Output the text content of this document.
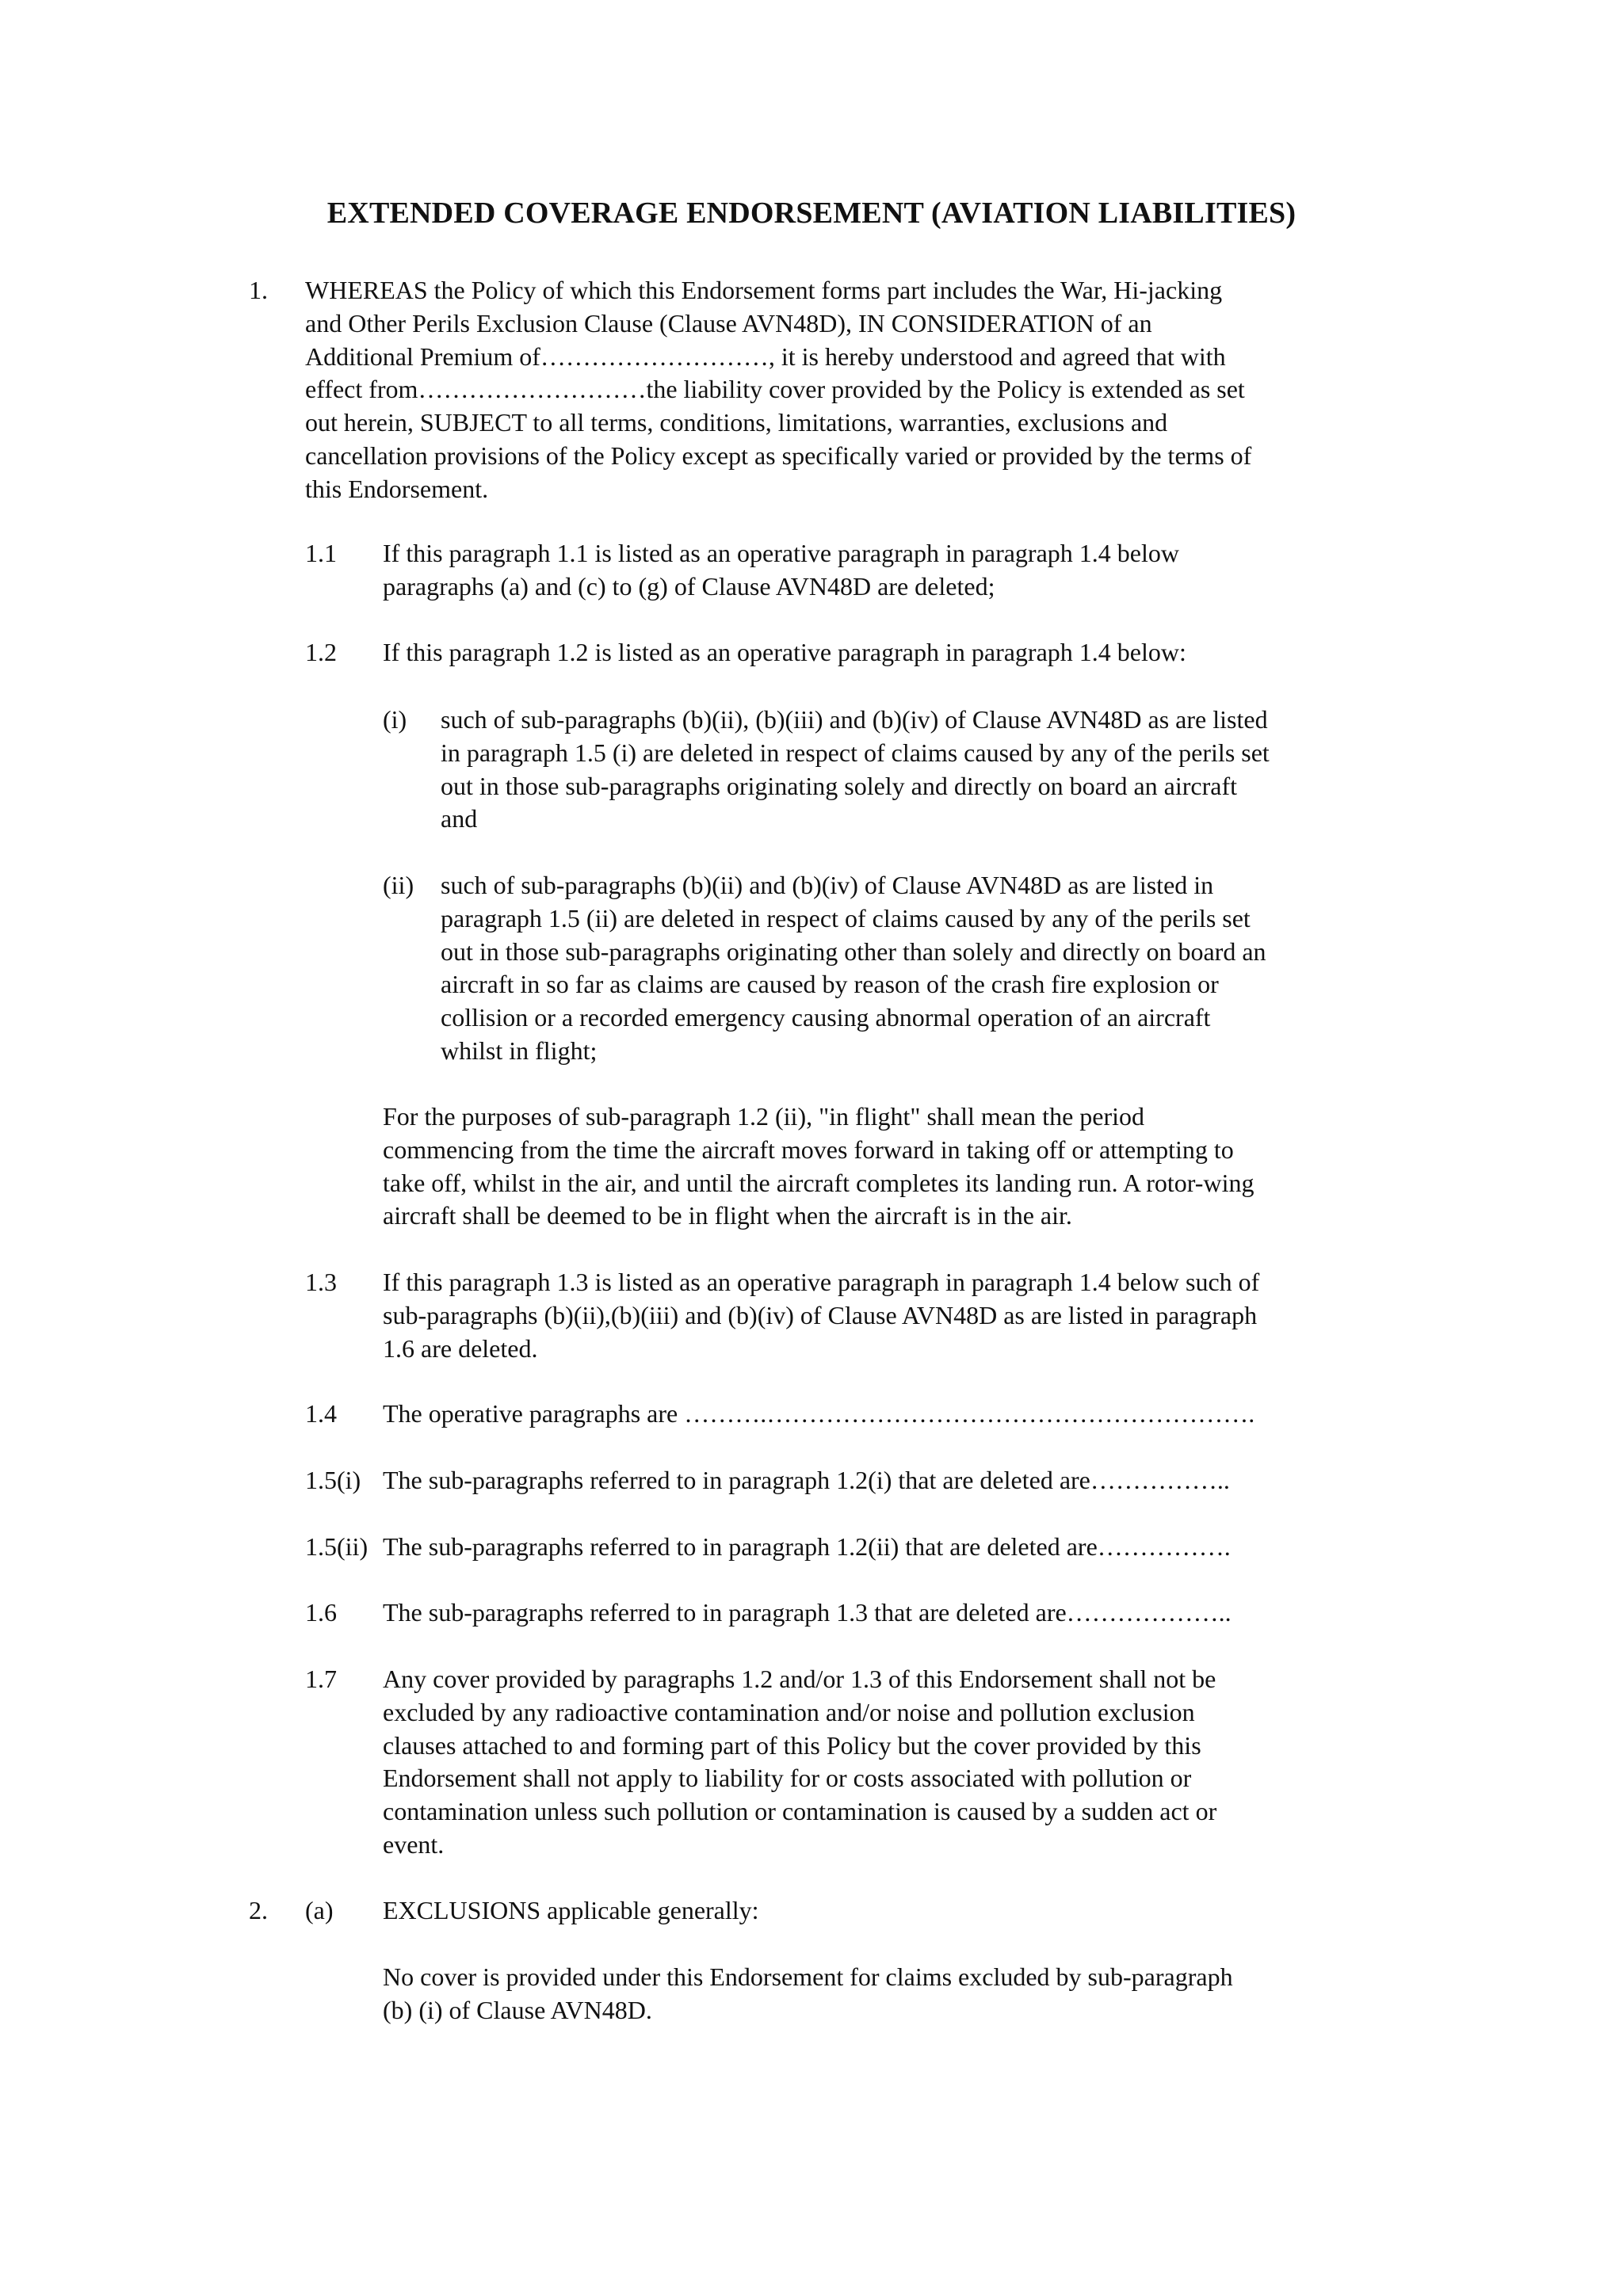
EXTENDED COVERAGE ENDORSEMENT (AVIATION LIABILITIES)
1. WHEREAS the Policy of which this Endorsement forms part includes the War, Hi-jacking
and Other Perils Exclusion Clause (Clause AVN48D), IN CONSIDERATION of an
Additional Premium of………………………, it is hereby understood and agreed that with
effect from………………………the liability cover provided by the Policy is extended as set
out herein, SUBJECT to all terms, conditions, limitations, warranties, exclusions and
cancellation provisions of the Policy except as specifically varied or provided by the terms of
this Endorsement.
1.1 If this paragraph 1.1 is listed as an operative paragraph in paragraph 1.4 below
paragraphs (a) and (c) to (g) of Clause AVN48D are deleted;
1.2 If this paragraph 1.2 is listed as an operative paragraph in paragraph 1.4 below:
(i) such of sub-paragraphs (b)(ii), (b)(iii) and (b)(iv) of Clause AVN48D as are listed
in paragraph 1.5 (i) are deleted in respect of claims caused by any of the perils set
out in those sub-paragraphs originating solely and directly on board an aircraft
and
(ii) such of sub-paragraphs (b)(ii) and (b)(iv) of Clause AVN48D as are listed in
paragraph 1.5 (ii) are deleted in respect of claims caused by any of the perils set
out in those sub-paragraphs originating other than solely and directly on board an
aircraft in so far as claims are caused by reason of the crash fire explosion or
collision or a recorded emergency causing abnormal operation of an aircraft
whilst in flight;
For the purposes of sub-paragraph 1.2 (ii), "in flight" shall mean the period
commencing from the time the aircraft moves forward in taking off or attempting to
take off, whilst in the air, and until the aircraft completes its landing run. A rotor-wing
aircraft shall be deemed to be in flight when the aircraft is in the air.
1.3 If this paragraph 1.3 is listed as an operative paragraph in paragraph 1.4 below such of
sub-paragraphs (b)(ii),(b)(iii) and (b)(iv) of Clause AVN48D as are listed in paragraph
1.6 are deleted.
1.4 The operative paragraphs are ……….………………………………………………….
1.5(i) The sub-paragraphs referred to in paragraph 1.2(i) that are deleted are……………..
1.5(ii) The sub-paragraphs referred to in paragraph 1.2(ii) that are deleted are…………….
1.6 The sub-paragraphs referred to in paragraph 1.3 that are deleted are………………..
1.7 Any cover provided by paragraphs 1.2 and/or 1.3 of this Endorsement shall not be
excluded by any radioactive contamination and/or noise and pollution exclusion
clauses attached to and forming part of this Policy but the cover provided by this
Endorsement shall not apply to liability for or costs associated with pollution or
contamination unless such pollution or contamination is caused by a sudden act or
event.
2. (a) EXCLUSIONS applicable generally:
No cover is provided under this Endorsement for claims excluded by sub-paragraph
(b) (i) of Clause AVN48D.
